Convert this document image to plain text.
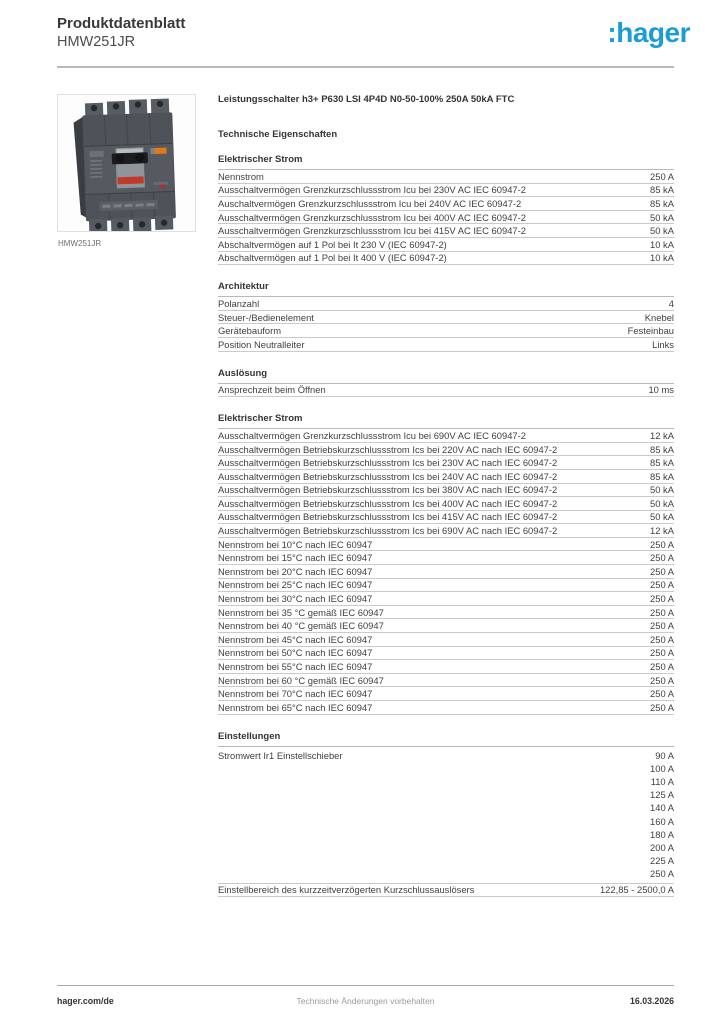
Produktdatenblatt
HMW251JR	:hager
HMW251JR
Leistungsschalter h3+ P630 LSI 4P4D N0-50-100% 250A 50kA FTC
Technische Eigenschaften
Elektrischer Strom
Nennstrom	250 A
Ausschaltvermögen Grenzkurzschlussstrom Icu bei 230V AC IEC 60947-2	85 kA
Auschaltvermögen Grenzkurzschlussstrom Icu bei 240V AC IEC 60947-2	85 kA
Ausschaltvermögen Grenzkurzschlussstrom Icu bei 400V AC IEC 60947-2	50 kA
Ausschaltvermögen Grenzkurzschlussstrom Icu bei 415V AC IEC 60947-2	50 kA
Abschaltvermögen auf 1 Pol bei It 230 V (IEC 60947-2)	10 kA
Abschaltvermögen auf 1 Pol bei It 400 V (IEC 60947-2)	10 kA
Architektur
Polanzahl	4
Steuer-/Bedienelement	Knebel
Gerätebauform	Festeinbau
Position Neutralleiter	Links
Auslösung
Ansprechzeit beim Öffnen	10 ms
Elektrischer Strom
Ausschaltvermögen Grenzkurzschlussstrom Icu bei 690V AC IEC 60947-2	12 kA
Ausschaltvermögen Betriebskurzschlussstrom Ics bei 220V AC nach IEC 60947-2	85 kA
Ausschaltvermögen Betriebskurzschlussstrom Ics bei 230V AC nach IEC 60947-2	85 kA
Ausschaltvermögen Betriebskurzschlussstrom Ics bei 240V AC nach IEC 60947-2	85 kA
Ausschaltvermögen Betriebskurzschlussstrom Ics bei 380V AC nach IEC 60947-2	50 kA
Ausschaltvermögen Betriebskurzschlussstrom Ics bei 400V AC nach IEC 60947-2	50 kA
Ausschaltvermögen Betriebskurzschlussstrom Ics bei 415V AC nach IEC 60947-2	50 kA
Ausschaltvermögen Betriebskurzschlussstrom Ics bei 690V AC nach IEC 60947-2	12 kA
Nennstrom bei 10°C nach IEC 60947	250 A
Nennstrom bei 15°C nach IEC 60947	250 A
Nennstrom bei 20°C nach IEC 60947	250 A
Nennstrom bei 25°C nach IEC 60947	250 A
Nennstrom bei 30°C nach IEC 60947	250 A
Nennstrom bei 35 °C gemäß IEC 60947	250 A
Nennstrom bei 40 °C gemäß IEC 60947	250 A
Nennstrom bei 45°C nach IEC 60947	250 A
Nennstrom bei 50°C nach IEC 60947	250 A
Nennstrom bei 55°C nach IEC 60947	250 A
Nennstrom bei 60 °C gemäß IEC 60947	250 A
Nennstrom bei 70°C nach IEC 60947	250 A
Nennstrom bei 65°C nach IEC 60947	250 A
Einstellungen
Stromwert Ir1 Einstellschieber	90 A
100 A
110 A
125 A
140 A
160 A
180 A
200 A
225 A
250 A
Einstellbereich des kurzzeitverzögerten Kurzschlussauslösers	122,85 - 2500,0 A
hager.com/de	Technische Änderungen vorbehalten	16.03.2026
